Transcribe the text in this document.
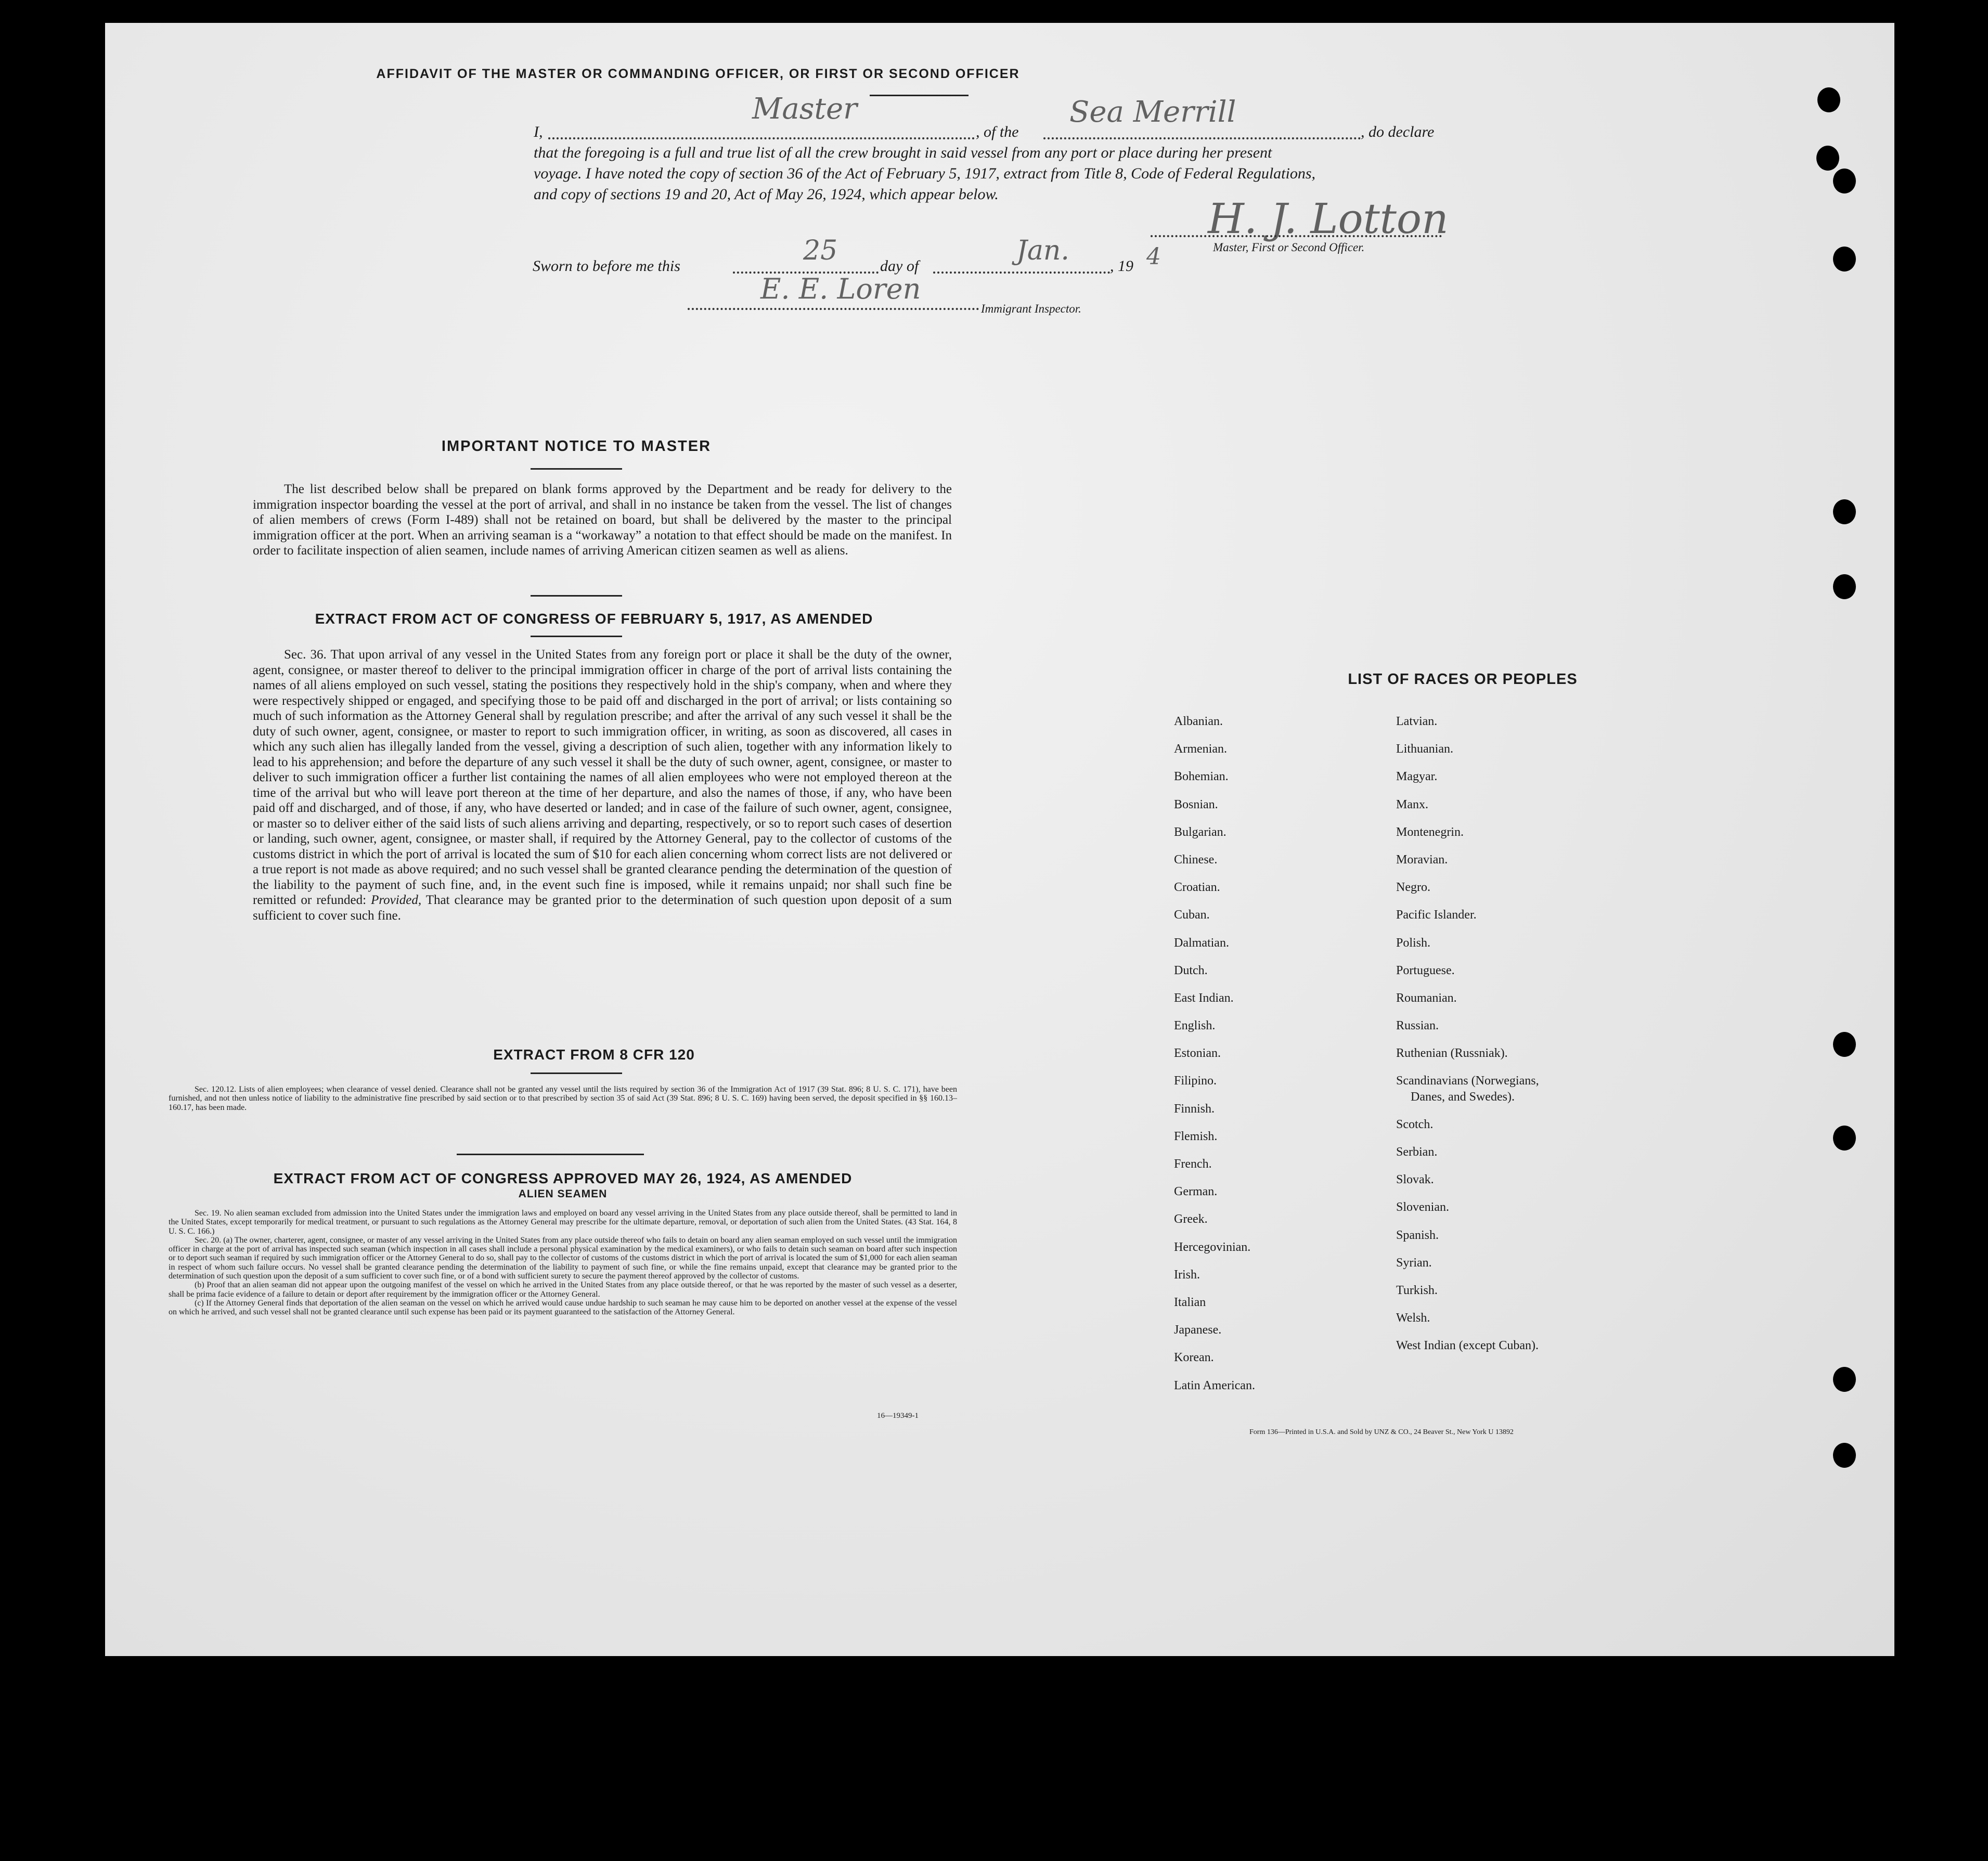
AFFIDAVIT OF THE MASTER OR COMMANDING OFFICER, OR FIRST OR SECOND OFFICER
I,
Master
, of the
Sea Merrill
, do declare
that the foregoing is a full and true list of all the crew brought in said vessel from any port or place during her present
voyage. I have noted the copy of section 36 of the Act of February 5, 1917, extract from Title 8, Code of Federal Regulations,
and copy of sections 19 and 20, Act of May 26, 1924, which appear below.
H. J. Lotton
Master, First or Second Officer.
Sworn to before me this	25	day of	Jan.	, 19 4
E. E. Loren
Immigrant Inspector.
IMPORTANT NOTICE TO MASTER
The list described below shall be prepared on blank forms approved by the Department and be ready for delivery to the immigration inspector boarding the vessel at the port of arrival, and shall in no instance be taken from the vessel. The list of changes of alien members of crews (Form I-489) shall not be retained on board, but shall be delivered by the master to the principal immigration officer at the port. When an arriving seaman is a “workaway” a notation to that effect should be made on the manifest. In order to facilitate inspection of alien seamen, include names of arriving American citizen seamen as well as aliens.
EXTRACT FROM ACT OF CONGRESS OF FEBRUARY 5, 1917, AS AMENDED
Sec. 36. That upon arrival of any vessel in the United States from any foreign port or place it shall be the duty of the owner, agent, consignee, or master thereof to deliver to the principal immigration officer in charge of the port of arrival lists containing the names of all aliens employed on such vessel, stating the positions they respectively hold in the ship's company, when and where they were respectively shipped or engaged, and specifying those to be paid off and discharged in the port of arrival; or lists containing so much of such information as the Attorney General shall by regulation prescribe; and after the arrival of any such vessel it shall be the duty of such owner, agent, consignee, or master to report to such immigration officer, in writing, as soon as discovered, all cases in which any such alien has illegally landed from the vessel, giving a description of such alien, together with any information likely to lead to his apprehension; and before the departure of any such vessel it shall be the duty of such owner, agent, consignee, or master to deliver to such immigration officer a further list containing the names of all alien employees who were not employed thereon at the time of the arrival but who will leave port thereon at the time of her departure, and also the names of those, if any, who have been paid off and discharged, and of those, if any, who have deserted or landed; and in case of the failure of such owner, agent, consignee, or master so to deliver either of the said lists of such aliens arriving and departing, respectively, or so to report such cases of desertion or landing, such owner, agent, consignee, or master shall, if required by the Attorney General, pay to the collector of customs of the customs district in which the port of arrival is located the sum of $10 for each alien concerning whom correct lists are not delivered or a true report is not made as above required; and no such vessel shall be granted clearance pending the determination of the question of the liability to the payment of such fine, and, in the event such fine is imposed, while it remains unpaid; nor shall such fine be remitted or refunded: Provided, That clearance may be granted prior to the determination of such question upon deposit of a sum sufficient to cover such fine.
EXTRACT FROM 8 CFR 120
Sec. 120.12. Lists of alien employees; when clearance of vessel denied. Clearance shall not be granted any vessel until the lists required by section 36 of the Immigration Act of 1917 (39 Stat. 896; 8 U. S. C. 171), have been furnished, and not then unless notice of liability to the administrative fine prescribed by said section or to that prescribed by section 35 of said Act (39 Stat. 896; 8 U. S. C. 169) having been served, the deposit specified in §§ 160.13–160.17, has been made.
EXTRACT FROM ACT OF CONGRESS APPROVED MAY 26, 1924, AS AMENDED
ALIEN SEAMEN
Sec. 19. No alien seaman excluded from admission into the United States under the immigration laws and employed on board any vessel arriving in the United States from any place outside thereof, shall be permitted to land in the United States, except temporarily for medical treatment, or pursuant to such regulations as the Attorney General may prescribe for the ultimate departure, removal, or deportation of such alien from the United States. (43 Stat. 164, 8 U. S. C. 166.)
Sec. 20. (a) The owner, charterer, agent, consignee, or master of any vessel arriving in the United States from any place outside thereof who fails to detain on board any alien seaman employed on such vessel until the immigration officer in charge at the port of arrival has inspected such seaman (which inspection in all cases shall include a personal physical examination by the medical examiners), or who fails to detain such seaman on board after such inspection or to deport such seaman if required by such immigration officer or the Attorney General to do so, shall pay to the collector of customs of the customs district in which the port of arrival is located the sum of $1,000 for each alien seaman in respect of whom such failure occurs. No vessel shall be granted clearance pending the determination of the liability to payment of such fine, or while the fine remains unpaid, except that clearance may be granted prior to the determination of such question upon the deposit of a sum sufficient to cover such fine, or of a bond with sufficient surety to secure the payment thereof approved by the collector of customs.
(b) Proof that an alien seaman did not appear upon the outgoing manifest of the vessel on which he arrived in the United States from any place outside thereof, or that he was reported by the master of such vessel as a deserter, shall be prima facie evidence of a failure to detain or deport after requirement by the immigration officer or the Attorney General.
(c) If the Attorney General finds that deportation of the alien seaman on the vessel on which he arrived would cause undue hardship to such seaman he may cause him to be deported on another vessel at the expense of the vessel on which he arrived, and such vessel shall not be granted clearance until such expense has been paid or its payment guaranteed to the satisfaction of the Attorney General.
16—19349-1
LIST OF RACES OR PEOPLES
Albanian.
Armenian.
Bohemian.
Bosnian.
Bulgarian.
Chinese.
Croatian.
Cuban.
Dalmatian.
Dutch.
East Indian.
English.
Estonian.
Filipino.
Finnish.
Flemish.
French.
German.
Greek.
Hercegovinian.
Irish.
Italian
Japanese.
Korean.
Latin American.
Latvian.
Lithuanian.
Magyar.
Manx.
Montenegrin.
Moravian.
Negro.
Pacific Islander.
Polish.
Portuguese.
Roumanian.
Russian.
Ruthenian (Russniak).
Scandinavians (Norwegians,
Danes, and Swedes).
Scotch.
Serbian.
Slovak.
Slovenian.
Spanish.
Syrian.
Turkish.
Welsh.
West Indian (except Cuban).
Form 136—Printed in U.S.A. and Sold by UNZ & CO., 24 Beaver St., New York U 13892
